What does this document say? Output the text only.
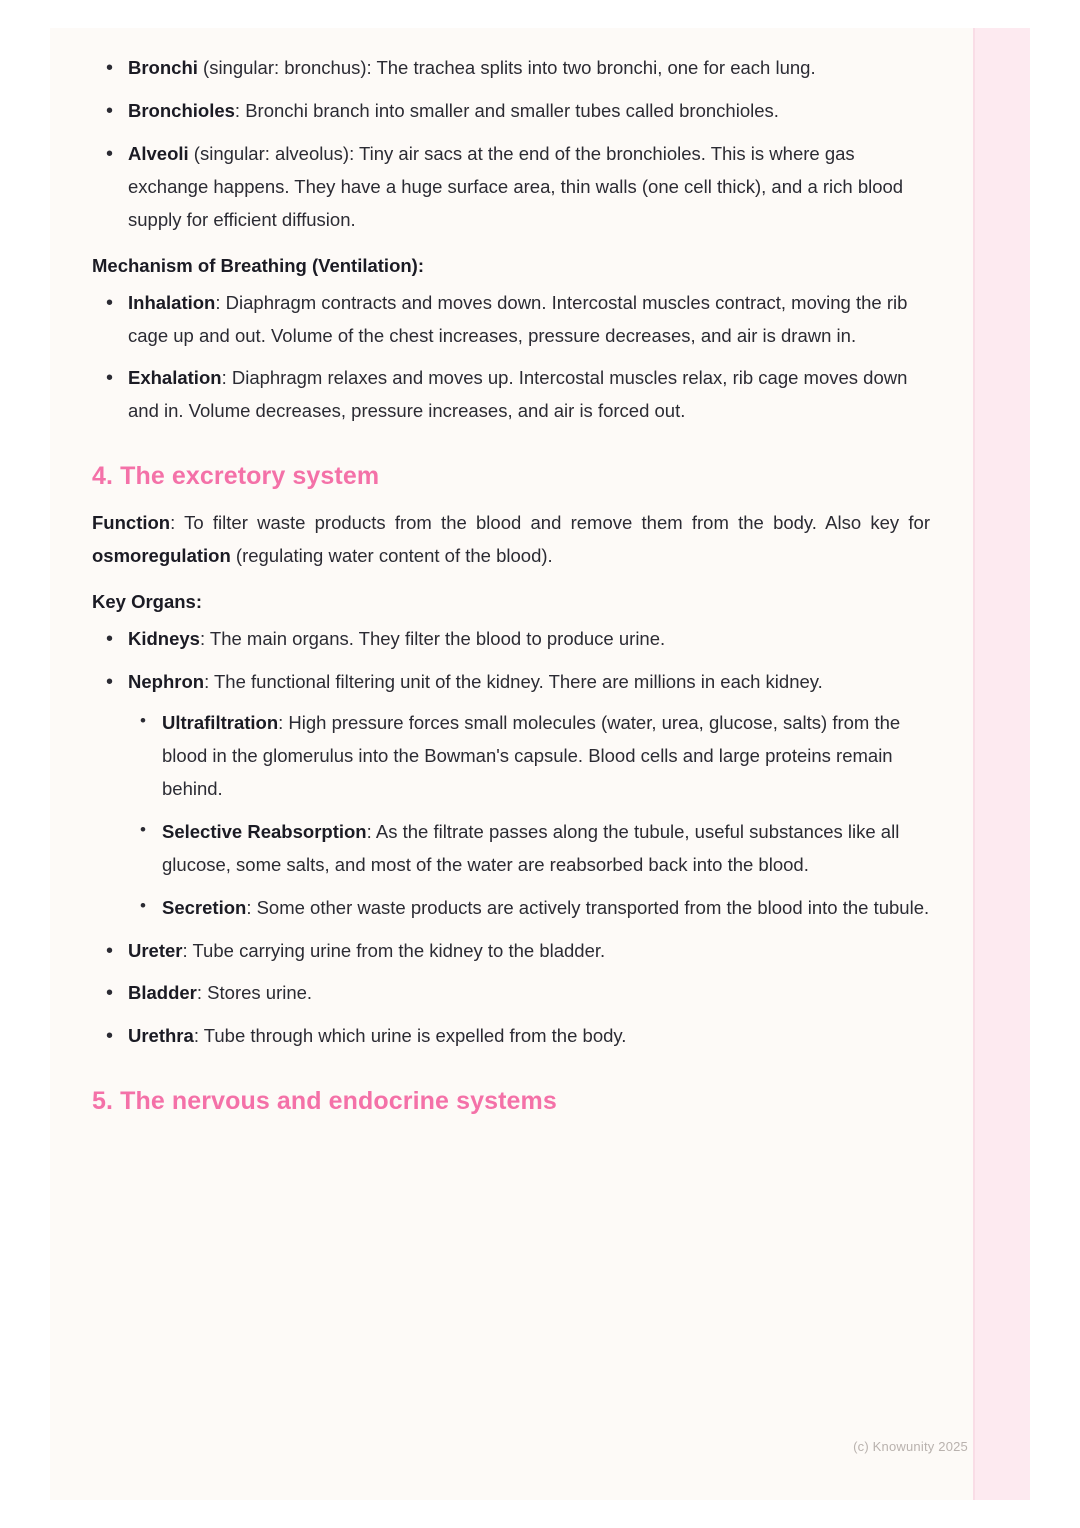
• Bronchi (singular: bronchus): The trachea splits into two bronchi, one for each lung.
• Bronchioles: Bronchi branch into smaller and smaller tubes called bronchioles.
• Alveoli (singular: alveolus): Tiny air sacs at the end of the bronchioles. This is where gas exchange happens. They have a huge surface area, thin walls (one cell thick), and a rich blood supply for efficient diffusion.
Mechanism of Breathing (Ventilation):
• Inhalation: Diaphragm contracts and moves down. Intercostal muscles contract, moving the rib cage up and out. Volume of the chest increases, pressure decreases, and air is drawn in.
• Exhalation: Diaphragm relaxes and moves up. Intercostal muscles relax, rib cage moves down and in. Volume decreases, pressure increases, and air is forced out.
4. The excretory system

Function: To filter waste products from the blood and remove them from the body. Also key for osmoregulation (regulating water content of the blood).

Key Organs:
• Kidneys: The main organs. They filter the blood to produce urine.
• Nephron: The functional filtering unit of the kidney. There are millions in each kidney.
• Ultrafiltration: High pressure forces small molecules (water, urea, glucose, salts) from the blood in the glomerulus into the Bowman's capsule. Blood cells and large proteins remain behind.
• Selective Reabsorption: As the filtrate passes along the tubule, useful substances like all glucose, some salts, and most of the water are reabsorbed back into the blood.
• Secretion: Some other waste products are actively transported from the blood into the tubule.
• Ureter: Tube carrying urine from the kidney to the bladder.
• Bladder: Stores urine.
• Urethra: Tube through which urine is expelled from the body.
5. The nervous and endocrine systems
(c) Knowunity 2025
